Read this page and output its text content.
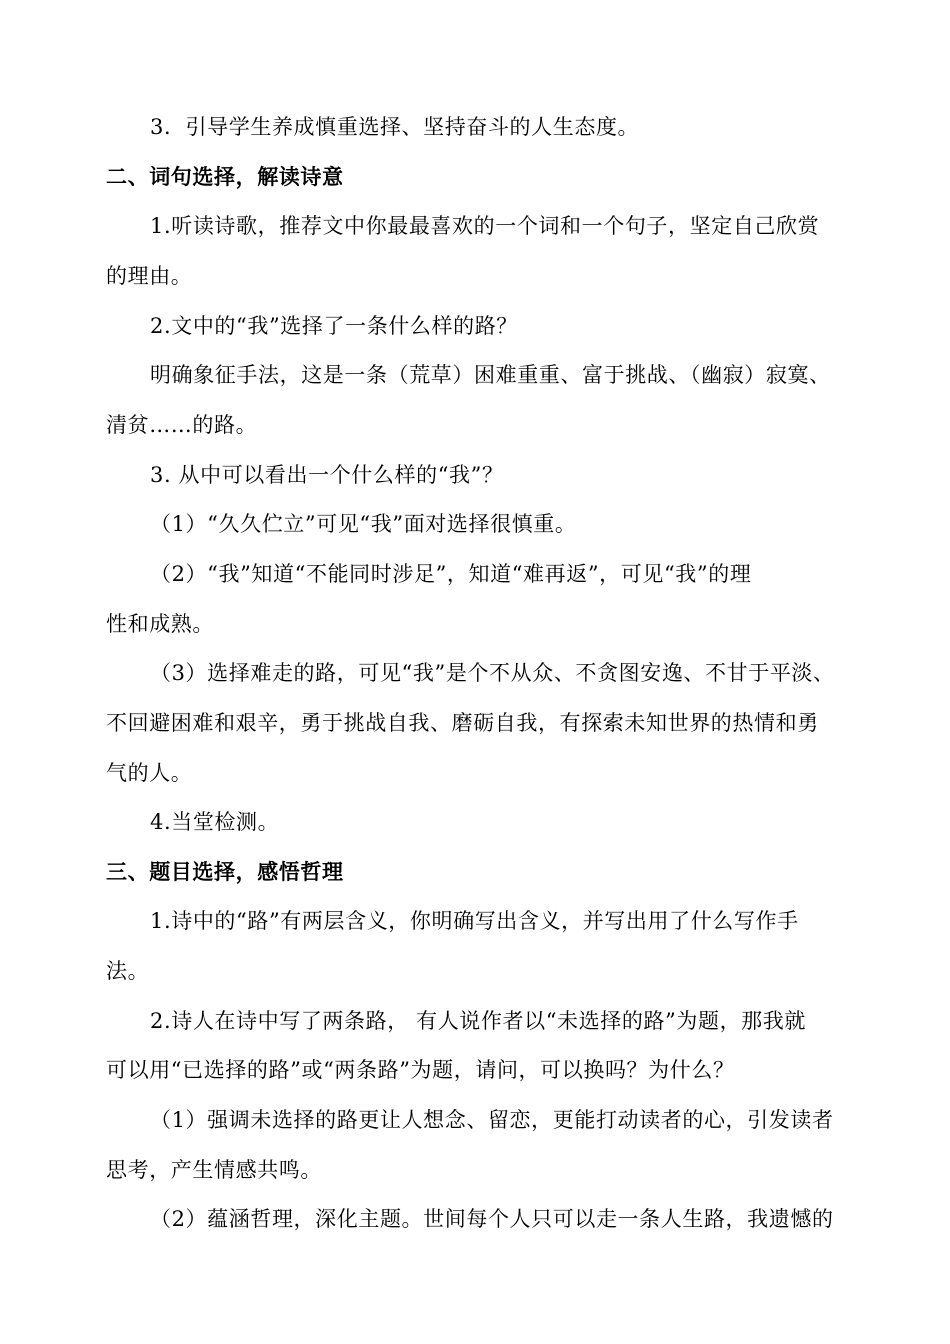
3．引导学生养成慎重选择、坚持奋斗的人生态度。
二、词句选择，解读诗意
1.听读诗歌，推荐文中你最最喜欢的一个词和一个句子，坚定自己欣赏
的理由。
2.文中的“我”选择了一条什么样的路？
明确象征手法，这是一条（荒草）困难重重、富于挑战、（幽寂）寂寞、
清贫……的路。
3. 从中可以看出一个什么样的“我”？
（1）“久久伫立”可见“我”面对选择很慎重。
（2）“我”知道“不能同时涉足”，知道“难再返”，可见“我”的理
性和成熟。
（3）选择难走的路，可见“我”是个不从众、不贪图安逸、不甘于平淡、
不回避困难和艰辛，勇于挑战自我、磨砺自我，有探索未知世界的热情和勇
气的人。
4.当堂检测。
三、题目选择，感悟哲理
1.诗中的“路”有两层含义，你明确写出含义，并写出用了什么写作手
法。
2.诗人在诗中写了两条路， 有人说作者以“未选择的路”为题，那我就
可以用“已选择的路”或“两条路”为题，请问，可以换吗？为什么？
（1）强调未选择的路更让人想念、留恋，更能打动读者的心，引发读者
思考，产生情感共鸣。
（2）蕴涵哲理，深化主题。世间每个人只可以走一条人生路，我遗憾的
